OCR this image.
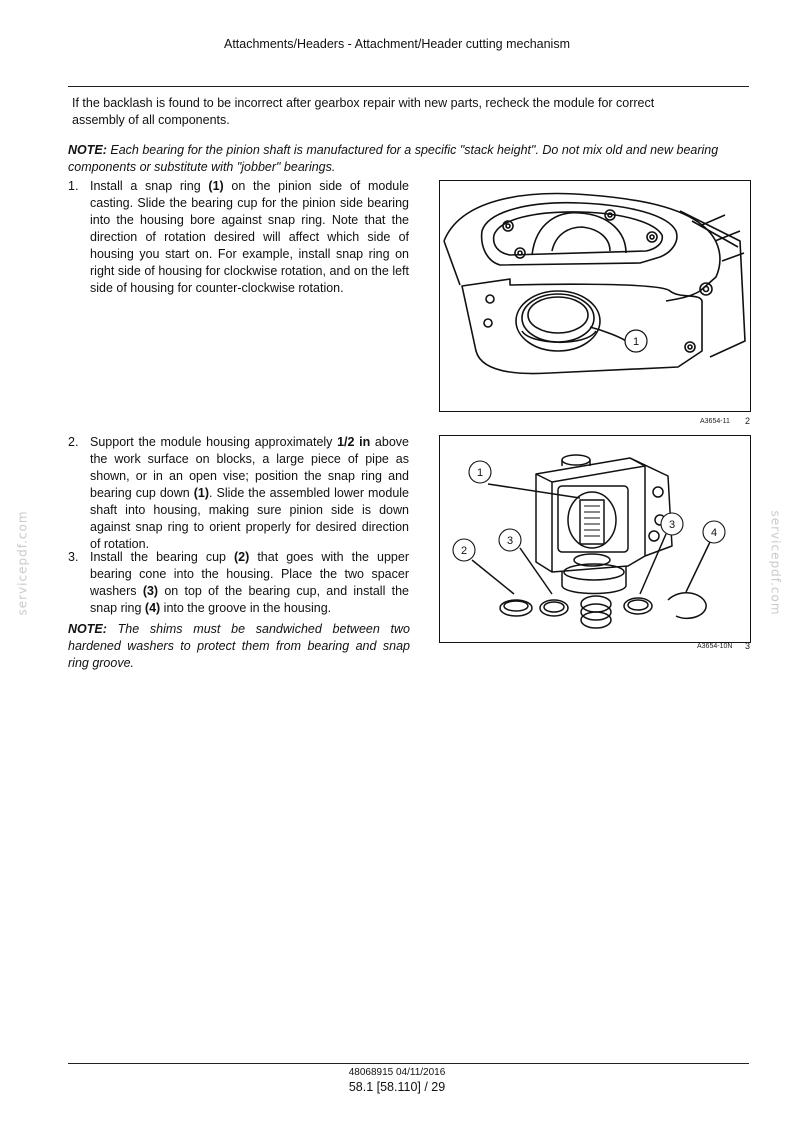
Attachments/Headers - Attachment/Header cutting mechanism
If the backlash is found to be incorrect after gearbox repair with new parts, recheck the module for correct
assembly of all components.
NOTE: Each bearing for the pinion shaft is manufactured for a specific "stack height". Do not mix old and new bearing
components or substitute with "jobber" bearings.
1. Install a snap ring (1) on the pinion side of module casting. Slide the bearing cup for the pinion side bearing into the housing bore against snap ring. Note that the direction of rotation desired will affect which side of housing you start on. For example, install snap ring on right side of housing for clockwise rotation, and on the left side of housing for counter-clockwise rotation.
1
A3654-11 2
2. Support the module housing approximately 1/2 in above the work surface on blocks, a large piece of pipe as shown, or in an open vise; position the snap ring and bearing cup down (1). Slide the assembled lower module shaft into housing, making sure pinion side is down against snap ring to orient properly for desired direction of rotation.
3. Install the bearing cup (2) that goes with the upper bearing cone into the housing. Place the two spacer washers (3) on top of the bearing cup, and install the snap ring (4) into the groove in the housing.
NOTE: The shims must be sandwiched between two hardened washers to protect them from bearing and snap ring groove.
1
2
3
3
4
A3654-10N 3
servicepdf.com	servicepdf.com
48068915 04/11/2016
58.1 [58.110] / 29
